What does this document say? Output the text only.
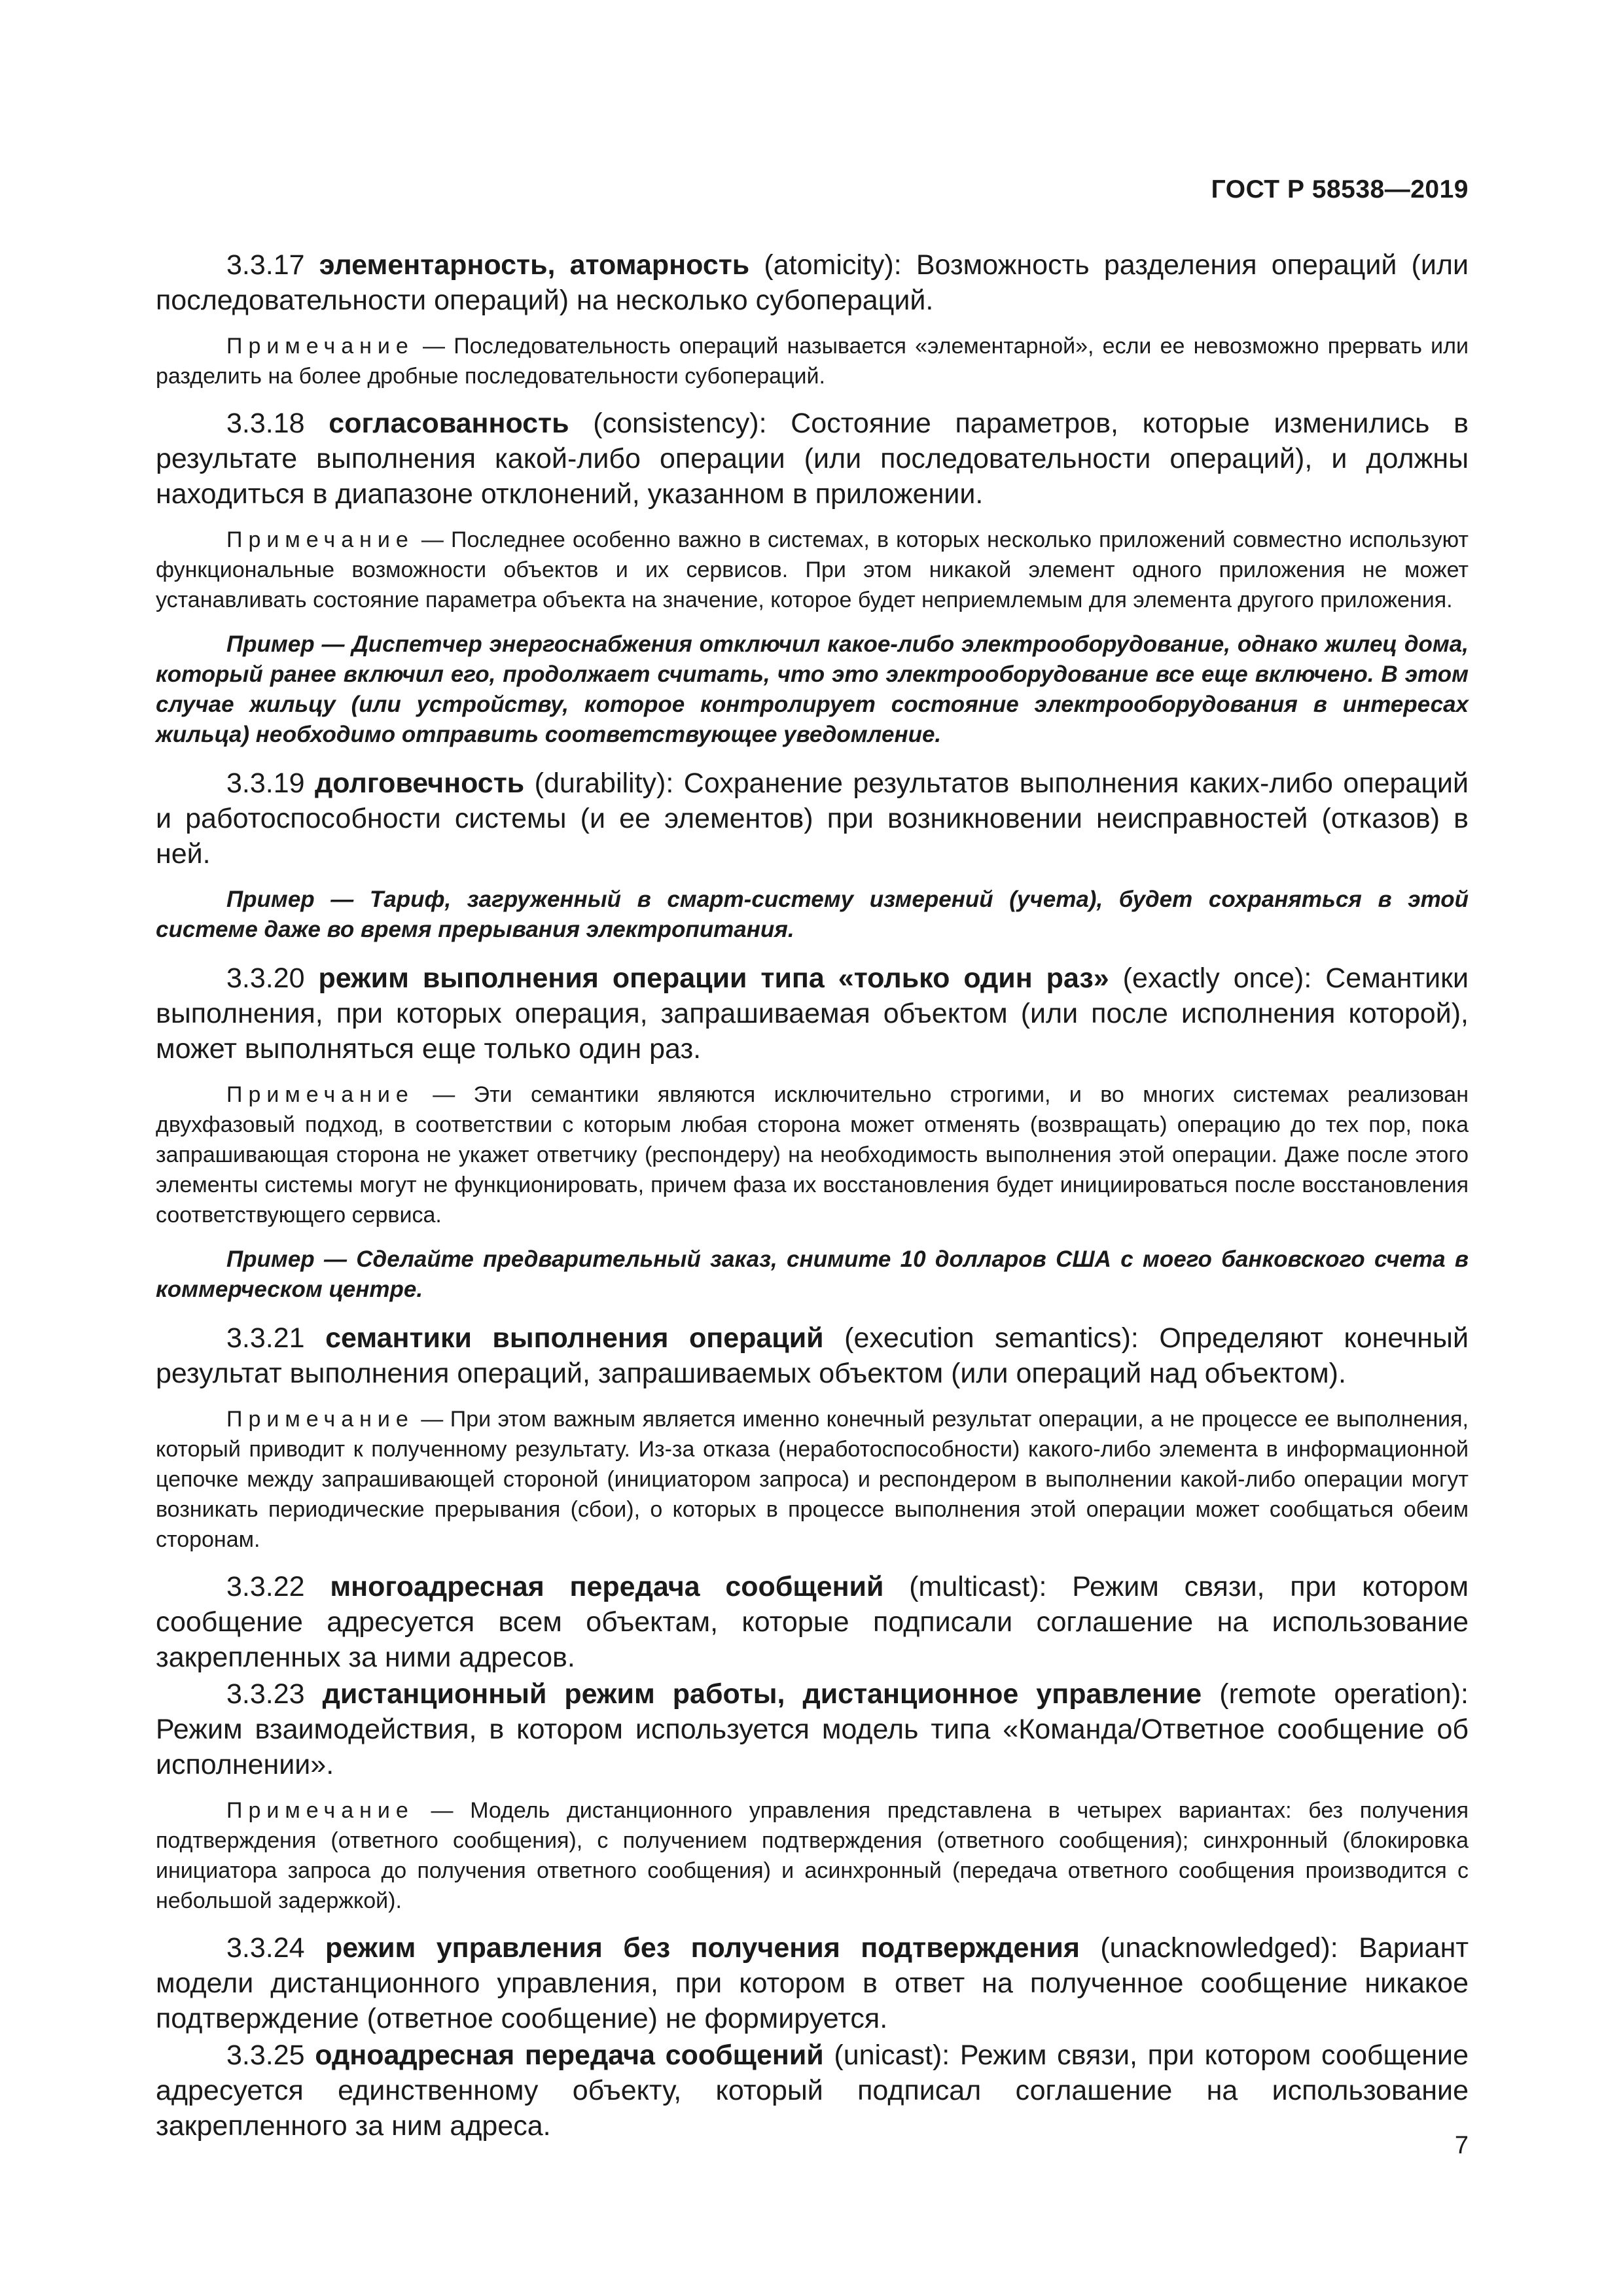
ГОСТ Р 58538—2019

3.3.17 элементарность, атомарность (atomicity): Возможность разделения операций (или последовательности операций) на несколько субопераций.

Примечание — Последовательность операций называется «элементарной», если ее невозможно прервать или разделить на более дробные последовательности субопераций.

3.3.18 согласованность (consistency): Состояние параметров, которые изменились в результате выполнения какой-либо операции (или последовательности операций), и должны находиться в диапазоне отклонений, указанном в приложении.

Примечание — Последнее особенно важно в системах, в которых несколько приложений совместно используют функциональные возможности объектов и их сервисов. При этом никакой элемент одного приложения не может устанавливать состояние параметра объекта на значение, которое будет неприемлемым для элемента другого приложения.

Пример — Диспетчер энергоснабжения отключил какое-либо электрооборудование, однако жилец дома, который ранее включил его, продолжает считать, что это электрооборудование все еще включено. В этом случае жильцу (или устройству, которое контролирует состояние электрооборудования в интересах жильца) необходимо отправить соответствующее уведомление.

3.3.19 долговечность (durability): Сохранение результатов выполнения каких-либо операций и работоспособности системы (и ее элементов) при возникновении неисправностей (отказов) в ней.

Пример — Тариф, загруженный в смарт-систему измерений (учета), будет сохраняться в этой системе даже во время прерывания электропитания.

3.3.20 режим выполнения операции типа «только один раз» (exactly once): Семантики выполнения, при которых операция, запрашиваемая объектом (или после исполнения которой), может выполняться еще только один раз.

Примечание — Эти семантики являются исключительно строгими, и во многих системах реализован двухфазовый подход, в соответствии с которым любая сторона может отменять (возвращать) операцию до тех пор, пока запрашивающая сторона не укажет ответчику (респондеру) на необходимость выполнения этой операции. Даже после этого элементы системы могут не функционировать, причем фаза их восстановления будет инициироваться после восстановления соответствующего сервиса.

Пример — Сделайте предварительный заказ, снимите 10 долларов США с моего банковского счета в коммерческом центре.

3.3.21 семантики выполнения операций (execution semantics): Определяют конечный результат выполнения операций, запрашиваемых объектом (или операций над объектом).

Примечание — При этом важным является именно конечный результат операции, а не процессе ее выполнения, который приводит к полученному результату. Из-за отказа (неработоспособности) какого-либо элемента в информационной цепочке между запрашивающей стороной (инициатором запроса) и респондером в выполнении какой-либо операции могут возникать периодические прерывания (сбои), о которых в процессе выполнения этой операции может сообщаться обеим сторонам.

3.3.22 многоадресная передача сообщений (multicast): Режим связи, при котором сообщение адресуется всем объектам, которые подписали соглашение на использование закрепленных за ними адресов.

3.3.23 дистанционный режим работы, дистанционное управление (remote operation): Режим взаимодействия, в котором используется модель типа «Команда/Ответное сообщение об исполнении».

Примечание — Модель дистанционного управления представлена в четырех вариантах: без получения подтверждения (ответного сообщения), с получением подтверждения (ответного сообщения); синхронный (блокировка инициатора запроса до получения ответного сообщения) и асинхронный (передача ответного сообщения производится с небольшой задержкой).

3.3.24 режим управления без получения подтверждения (unacknowledged): Вариант модели дистанционного управления, при котором в ответ на полученное сообщение никакое подтверждение (ответное сообщение) не формируется.

3.3.25 одноадресная передача сообщений (unicast): Режим связи, при котором сообщение адресуется единственному объекту, который подписал соглашение на использование закрепленного за ним адреса.

7
